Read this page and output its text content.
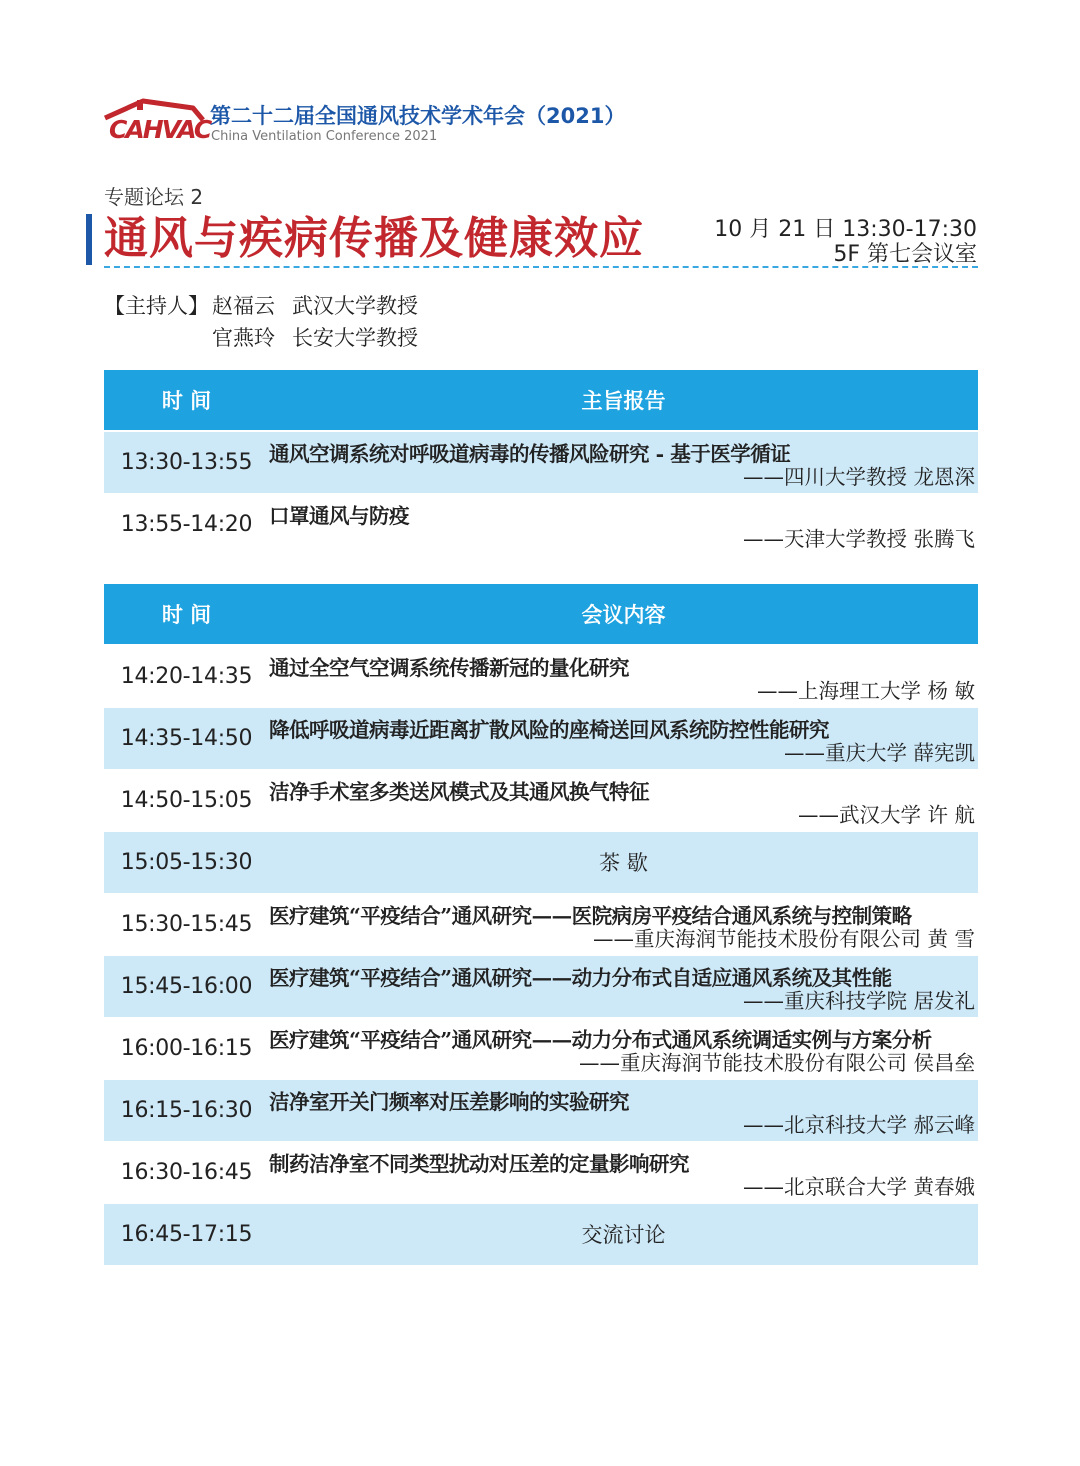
CAHVAC 第二十二届全国通风技术学术年会（2021）
China Ventilation Conference 2021
专题论坛 2
通风与疾病传播及健康效应	10 月 21 日 13:30-17:30
5F 第七会议室
【主持人】 赵福云 武汉大学教授
官燕玲 长安大学教授
时 间	主旨报告
13:30-13:55	通风空调系统对呼吸道病毒的传播风险研究 - 基于医学循证
——四川大学教授 龙恩深

13:55-14:20	口罩通风与防疫
——天津大学教授 张腾飞
时 间	会议内容
14:20-14:35	通过全空气空调系统传播新冠的量化研究
——上海理工大学 杨 敏

14:35-14:50	降低呼吸道病毒近距离扩散风险的座椅送回风系统防控性能研究
——重庆大学 薛宪凯

14:50-15:05	洁净手术室多类送风模式及其通风换气特征
——武汉大学 许 航

15:05-15:30	茶 歇
15:30-15:45	医疗建筑“平疫结合”通风研究——医院病房平疫结合通风系统与控制策略
——重庆海润节能技术股份有限公司 黄 雪

15:45-16:00	医疗建筑“平疫结合”通风研究——动力分布式自适应通风系统及其性能
——重庆科技学院 居发礼

16:00-16:15	医疗建筑“平疫结合”通风研究——动力分布式通风系统调适实例与方案分析
——重庆海润节能技术股份有限公司 侯昌垒

16:15-16:30	洁净室开关门频率对压差影响的实验研究
——北京科技大学 郝云峰

16:30-16:45	制药洁净室不同类型扰动对压差的定量影响研究
——北京联合大学 黄春娥

16:45-17:15	交流讨论
